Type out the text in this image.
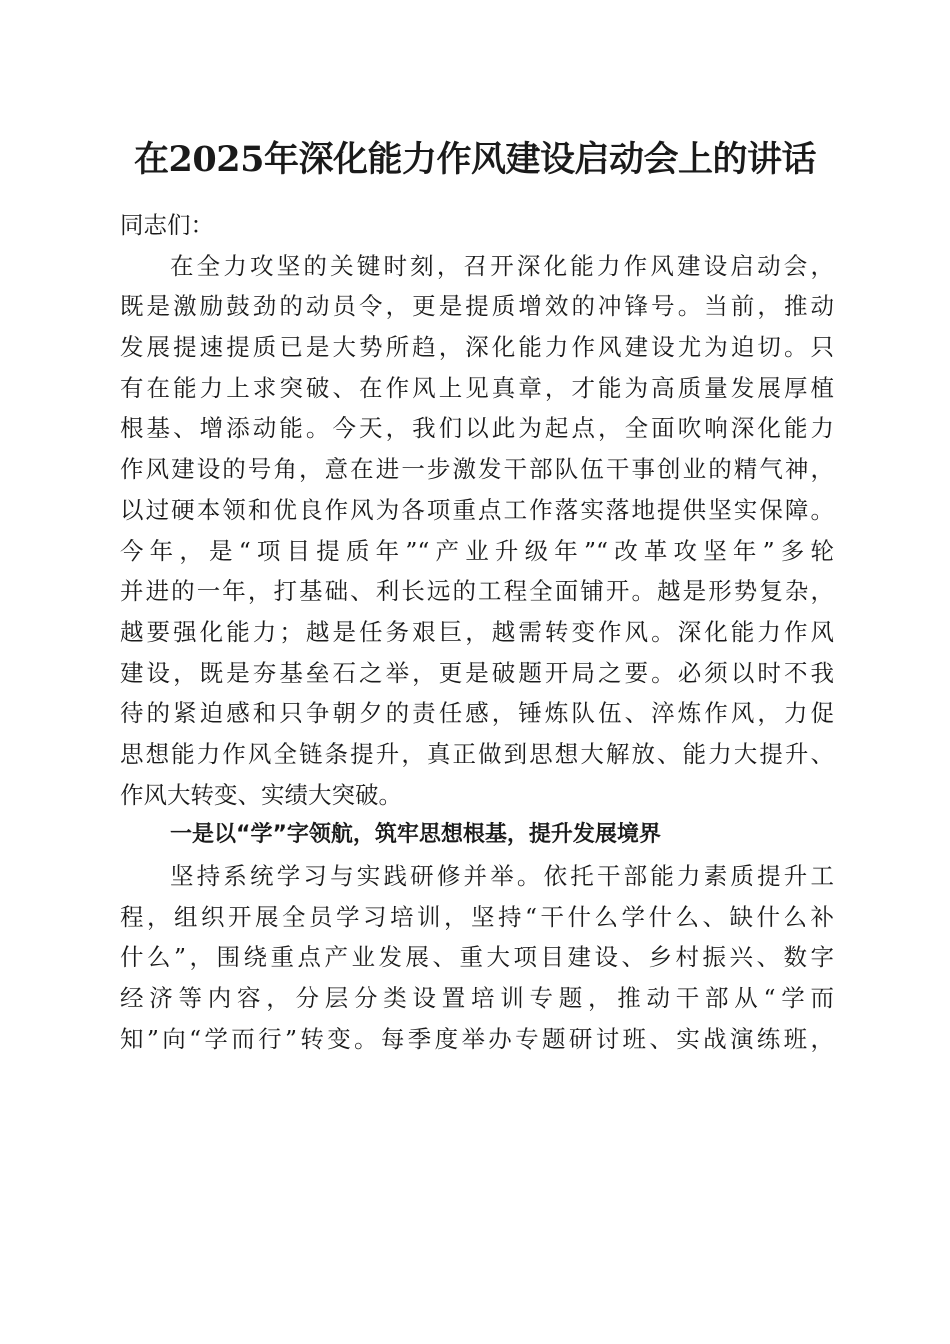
在2025年深化能力作风建设启动会上的讲话

同志们：

在全力攻坚的关键时刻，召开深化能力作风建设启动会，

既是激励鼓劲的动员令，更是提质增效的冲锋号。当前，推动

发展提速提质已是大势所趋，深化能力作风建设尤为迫切。只

有在能力上求突破、在作风上见真章，才能为高质量发展厚植

根基、增添动能。今天，我们以此为起点，全面吹响深化能力

作风建设的号角，意在进一步激发干部队伍干事创业的精气神，

以过硬本领和优良作风为各项重点工作落实落地提供坚实保障。

今年，是“项目提质年”“产业升级年”“改革攻坚年”多轮

并进的一年，打基础、利长远的工程全面铺开。越是形势复杂，

越要强化能力；越是任务艰巨，越需转变作风。深化能力作风

建设，既是夯基垒石之举，更是破题开局之要。必须以时不我

待的紧迫感和只争朝夕的责任感，锤炼队伍、淬炼作风，力促

思想能力作风全链条提升，真正做到思想大解放、能力大提升、

作风大转变、实绩大突破。

一是以“学”字领航，筑牢思想根基，提升发展境界

坚持系统学习与实践研修并举。依托干部能力素质提升工

程，组织开展全员学习培训，坚持“干什么学什么、缺什么补

什么”，围绕重点产业发展、重大项目建设、乡村振兴、数字

经济等内容，分层分类设置培训专题，推动干部从“学而

知”向“学而行”转变。每季度举办专题研讨班、实战演练班，
